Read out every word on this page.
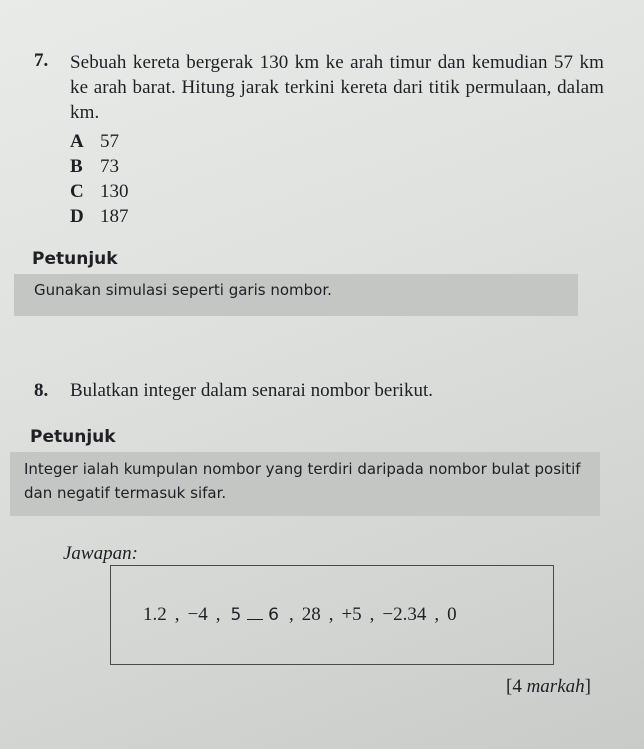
7. Sebuah kereta bergerak 130 km ke arah timur dan kemudian 57 km ke arah barat. Hitung jarak terkini kereta dari titik permulaan, dalam km.
A 57
B 73
C 130
D 187
Petunjuk
Gunakan simulasi seperti garis nombor.
8. Bulatkan integer dalam senarai nombor berikut.
Petunjuk
Integer ialah kumpulan nombor yang terdiri daripada nombor bulat positif dan negatif termasuk sifar.
Jawapan:
1.2 , −4 , 5 6 , 28 , +5 , −2.34 , 0
[4 markah]
